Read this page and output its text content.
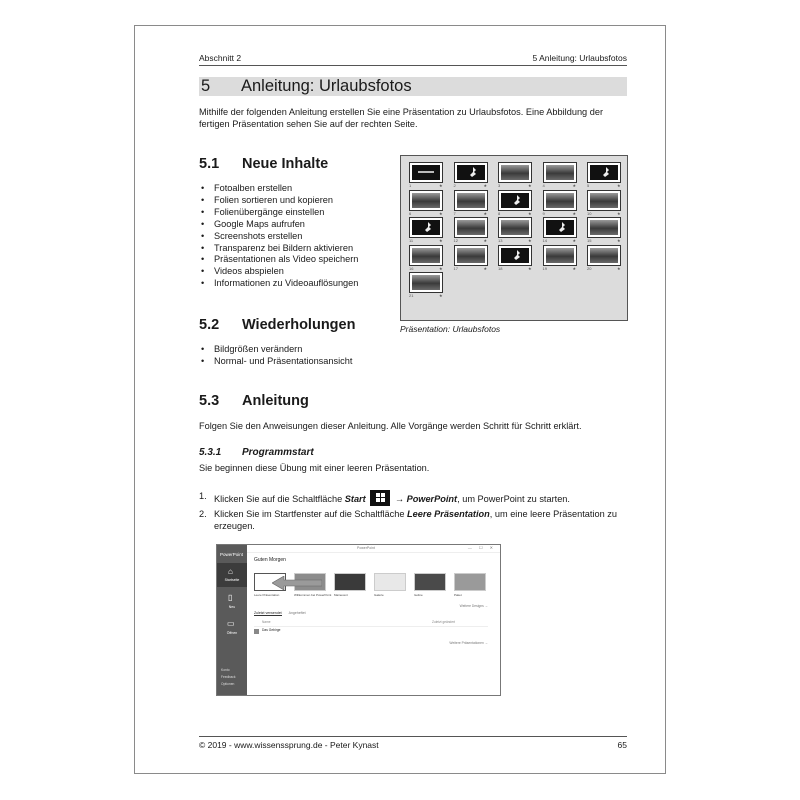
Abschnitt 2	5 Anleitung: Urlaubsfotos
5 Anleitung: Urlaubsfotos
Mithilfe der folgenden Anleitung erstellen Sie eine Präsentation zu Urlaubsfotos. Eine Abbildung der fertigen Präsentation sehen Sie auf der rechten Seite.
5.1 Neue Inhalte
• Fotoalben erstellen
• Folien sortieren und kopieren
• Folienübergänge einstellen
• Google Maps aufrufen
• Screenshots erstellen
• Transparenz bei Bildern aktivieren
• Präsentationen als Video speichern
• Videos abspielen
• Informationen zu Videoauflösungen
5.2 Wiederholungen
• Bildgrößen verändern
• Normal- und Präsentationsansicht
5.3 Anleitung
Folgen Sie den Anweisungen dieser Anleitung. Alle Vorgänge werden Schritt für Schritt erklärt.
5.3.1 Programmstart
Sie beginnen diese Übung mit einer leeren Präsentation.
1. Klicken Sie auf die Schaltfläche Start	→ PowerPoint, um PowerPoint zu starten.
2. Klicken Sie im Startfenster auf die Schaltfläche Leere Präsentation, um eine leere Präsentation zu erzeugen.
1	★	2	★	3	★	4	★	5	★
6	★	7	★	8	★	9	★	10	★
11	★	12	★	13	★	14	★	15	★
16	★	17	★	18	★	19	★	20	★
21	★
Präsentation: Urlaubsfotos
PowerPoint
⌂
Startseite
▯
Neu
▭
Öffnen
Konto
Feedback
Optionen
PowerPoint	— ☐ ✕
Guten Morgen
Leere Präsentation	Willkommen bei PowerPoint Mainevent	Galerie	Isoline	Paket
Weitere Designs →
Zuletzt verwendet Angeheftet
Name	Zuletzt geändert
Das Gebirge
Weitere Präsentationen →
© 2019 - www.wissenssprung.de - Peter Kynast	65
